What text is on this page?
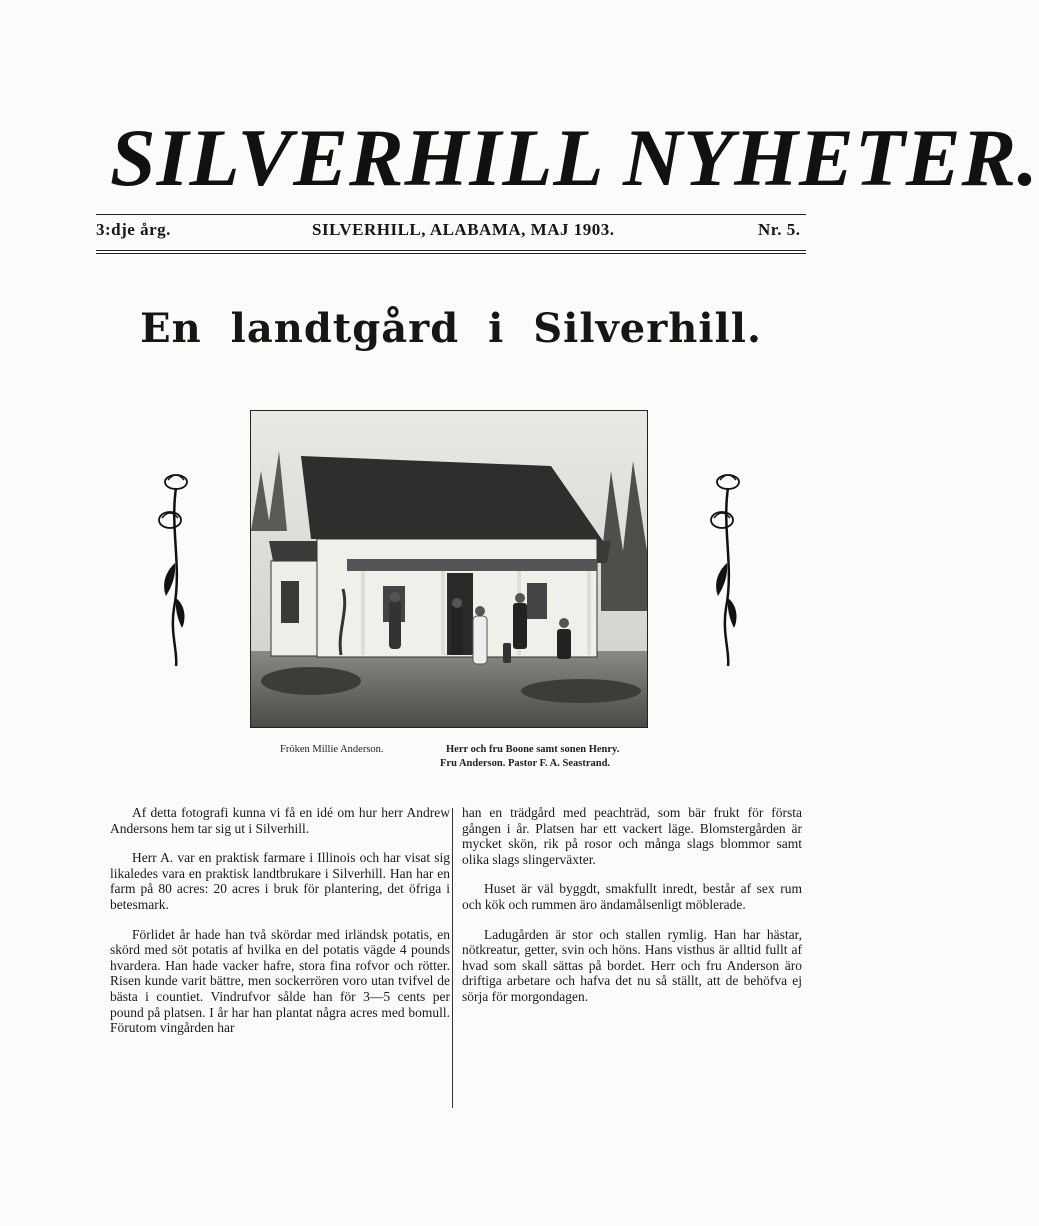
SILVERHILL NYHETER.
3:dje årg.	SILVERHILL, ALABAMA, MAJ 1903.	Nr. 5.
En landtgård i Silverhill.
Fröken Millie Anderson.	Herr och fru Boone samt sonen Henry.
Fru Anderson. Pastor F. A. Seastrand.

Af detta fotografi kunna vi få en idé om hur herr Andrew Andersons hem tar sig ut i Silverhill.

Herr A. var en praktisk farmare i Illinois och har visat sig likaledes vara en praktisk landtbrukare i Silverhill. Han har en farm på 80 acres: 20 acres i bruk för plantering, det öfriga i betesmark.

Förlidet år hade han två skördar med irländsk potatis, en skörd med söt potatis af hvilka en del potatis vägde 4 pounds hvardera. Han hade vacker hafre, stora fina rofvor och rötter. Risen kunde varit bättre, men sockerrören voro utan tvifvel de bästa i countiet. Vindrufvor sålde han för 3—5 cents per pound på platsen. I år har han plantat några acres med bomull. Förutom vingården har

han en trädgård med peachträd, som bär frukt för första gången i år. Platsen har ett vackert läge. Blomstergården är mycket skön, rik på rosor och många slags blommor samt olika slags slingerväxter.

Huset är väl byggdt, smakfullt inredt, består af sex rum och kök och rummen äro ändamålsenligt möblerade.

Ladugården är stor och stallen rymlig. Han har hästar, nötkreatur, getter, svin och höns. Hans visthus är alltid fullt af hvad som skall sättas på bordet. Herr och fru Anderson äro driftiga arbetare och hafva det nu så ställt, att de behöfva ej sörja för morgondagen.
